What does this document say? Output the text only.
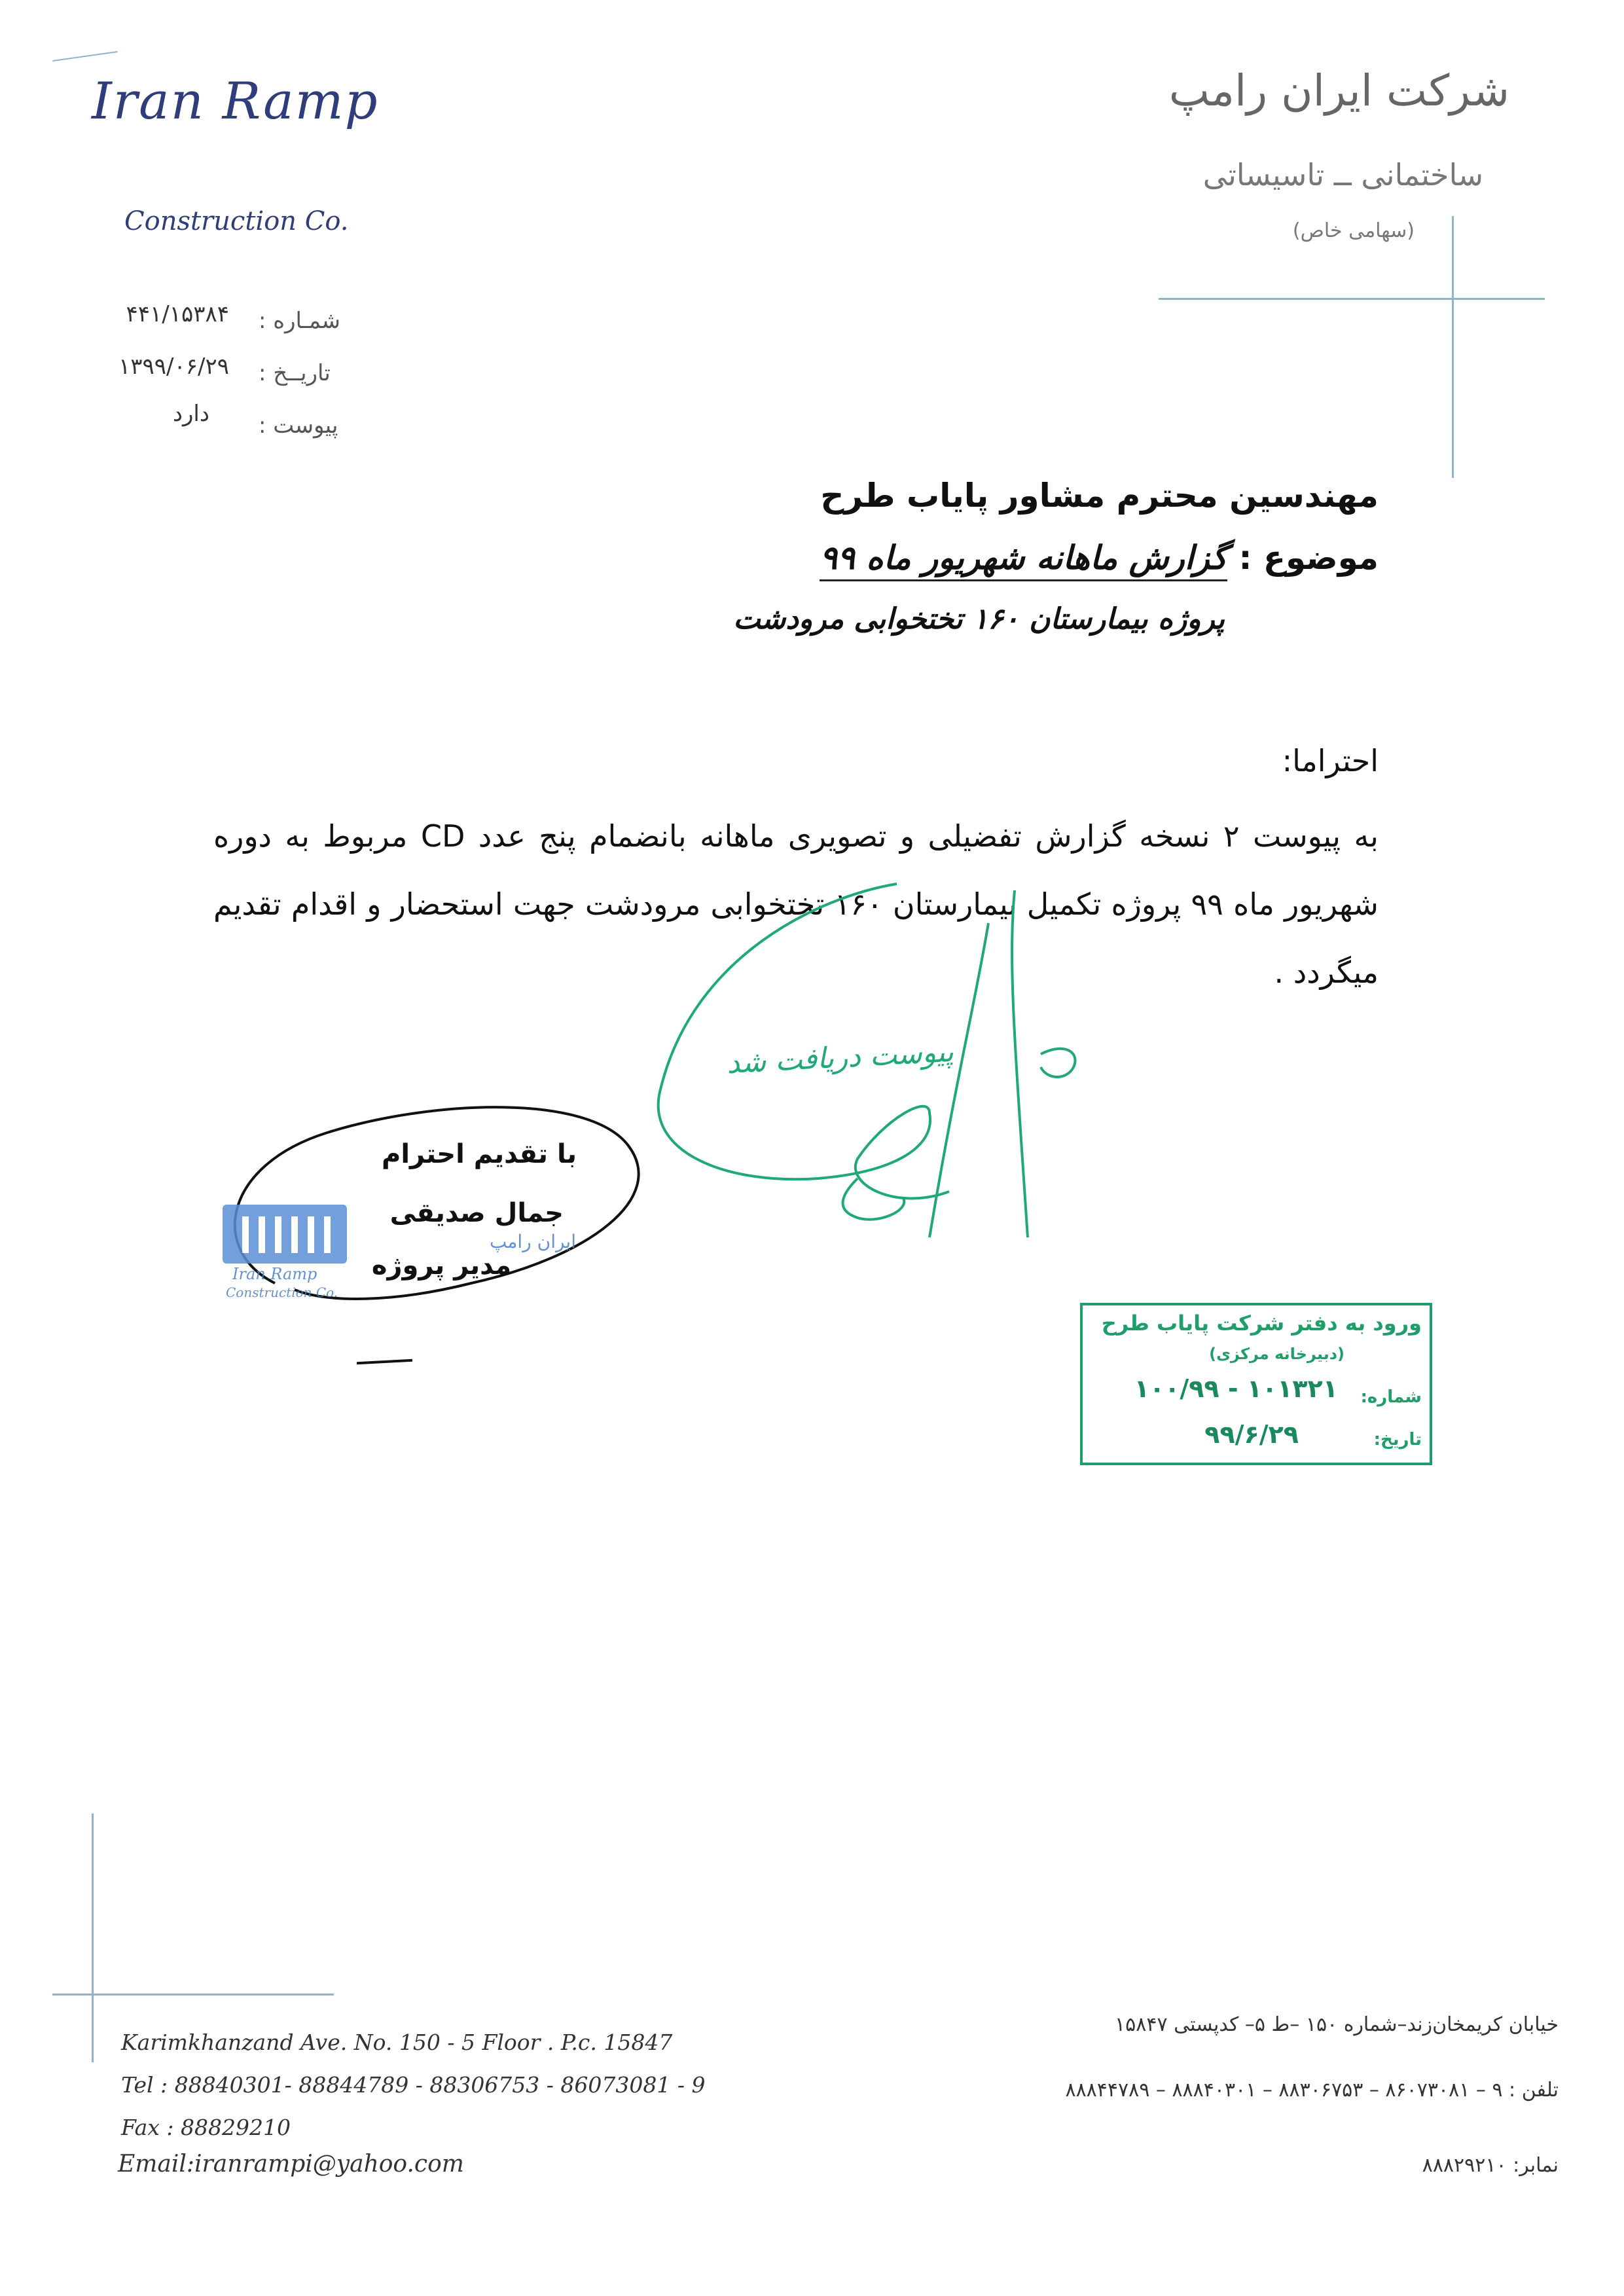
Iran Ramp
Construction Co.
شرکت ایران رامپ
ساختمانی ــ تاسیساتی
(سهامی خاص)
شمـاره :
۴۴۱/۱۵۳۸۴
تاریــخ :
۱۳۹۹/۰۶/۲۹
پیوست :
دارد
مهندسین محترم مشاور پایاب طرح
موضوع : گزارش ماهانه شهریور ماه ۹۹
پروژه بیمارستان ۱۶۰ تختخوابی مرودشت
احتراما:
به پیوست ۲ نسخه گزارش تفضیلی و تصویری ماهانه بانضمام پنج عدد CD مربوط به دوره شهریور ماه ۹۹ پروژه تکمیل بیمارستان ۱۶۰ تختخوابی مرودشت جهت استحضار و اقدام تقدیم میگردد .
پیوست دریافت شد
Iran Ramp
Construction Co.
ایران رامپ
با تقدیم احترام
جمال صدیقی
مدیر پروژه
ورود به دفتر شرکت پایاب طرح
(دبیرخانه مرکزی)
شماره:
۱۰۰/۹۹ - ۱۰۱۳۲۱
تاریخ:
۹۹/۶/۲۹
Karimkhanzand Ave. No. 150 - 5 Floor . P.c. 15847
Tel : 88840301- 88844789 - 88306753 - 86073081 - 9
Fax : 88829210
Email:iranrampi@yahoo.com
خیابان کریمخان‌زند–شماره ۱۵۰ –ط ۵– کدپستی ۱۵۸۴۷
تلفن : ۹ – ۸۶۰۷۳۰۸۱ – ۸۸۳۰۶۷۵۳ – ۸۸۸۴۰۳۰۱ – ۸۸۸۴۴۷۸۹
نمابر: ۸۸۸۲۹۲۱۰
